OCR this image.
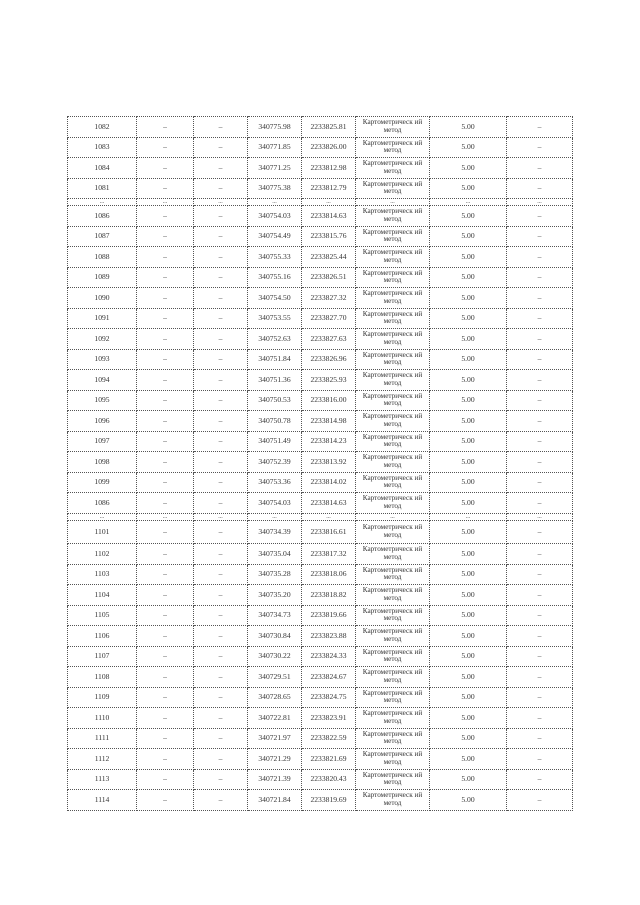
1082	–	–	340775.98	2233825.81	Картометрическ ий метод	5.00	–
1083	–	–	340771.85	2233826.00	Картометрическ ий метод	5.00	–
1084	–	–	340771.25	2233812.98	Картометрическ ий метод	5.00	–
1081	–	–	340775.38	2233812.79	Картометрическ ий метод	5.00	–
...	...	...	...	...	...	...	...
1086	–	–	340754.03	2233814.63	Картометрическ ий метод	5.00	–
1087	–	–	340754.49	2233815.76	Картометрическ ий метод	5.00	–
1088	–	–	340755.33	2233825.44	Картометрическ ий метод	5.00	–
1089	–	–	340755.16	2233826.51	Картометрическ ий метод	5.00	–
1090	–	–	340754.50	2233827.32	Картометрическ ий метод	5.00	–
1091	–	–	340753.55	2233827.70	Картометрическ ий метод	5.00	–
1092	–	–	340752.63	2233827.63	Картометрическ ий метод	5.00	–
1093	–	–	340751.84	2233826.96	Картометрическ ий метод	5.00	–
1094	–	–	340751.36	2233825.93	Картометрическ ий метод	5.00	–
1095	–	–	340750.53	2233816.00	Картометрическ ий метод	5.00	–
1096	–	–	340750.78	2233814.98	Картометрическ ий метод	5.00	–
1097	–	–	340751.49	2233814.23	Картометрическ ий метод	5.00	–
1098	–	–	340752.39	2233813.92	Картометрическ ий метод	5.00	–
1099	–	–	340753.36	2233814.02	Картометрическ ий метод	5.00	–
1086	–	–	340754.03	2233814.63	Картометрическ ий метод	5.00	–
...	...	...	...	...	...	...	...
1101	–	–	340734.39	2233816.61	Картометрическ ий метод	5.00	–
1102	–	–	340735.04	2233817.32	Картометрическ ий метод	5.00	–
1103	–	–	340735.28	2233818.06	Картометрическ ий метод	5.00	–
1104	–	–	340735.20	2233818.82	Картометрическ ий метод	5.00	–
1105	–	–	340734.73	2233819.66	Картометрическ ий метод	5.00	–
1106	–	–	340730.84	2233823.88	Картометрическ ий метод	5.00	–
1107	–	–	340730.22	2233824.33	Картометрическ ий метод	5.00	–
1108	–	–	340729.51	2233824.67	Картометрическ ий метод	5.00	–
1109	–	–	340728.65	2233824.75	Картометрическ ий метод	5.00	–
1110	–	–	340722.81	2233823.91	Картометрическ ий метод	5.00	–
1111	–	–	340721.97	2233822.59	Картометрическ ий метод	5.00	–
1112	–	–	340721.29	2233821.69	Картометрическ ий метод	5.00	–
1113	–	–	340721.39	2233820.43	Картометрическ ий метод	5.00	–
1114	–	–	340721.84	2233819.69	Картометрическ ий метод	5.00	–
